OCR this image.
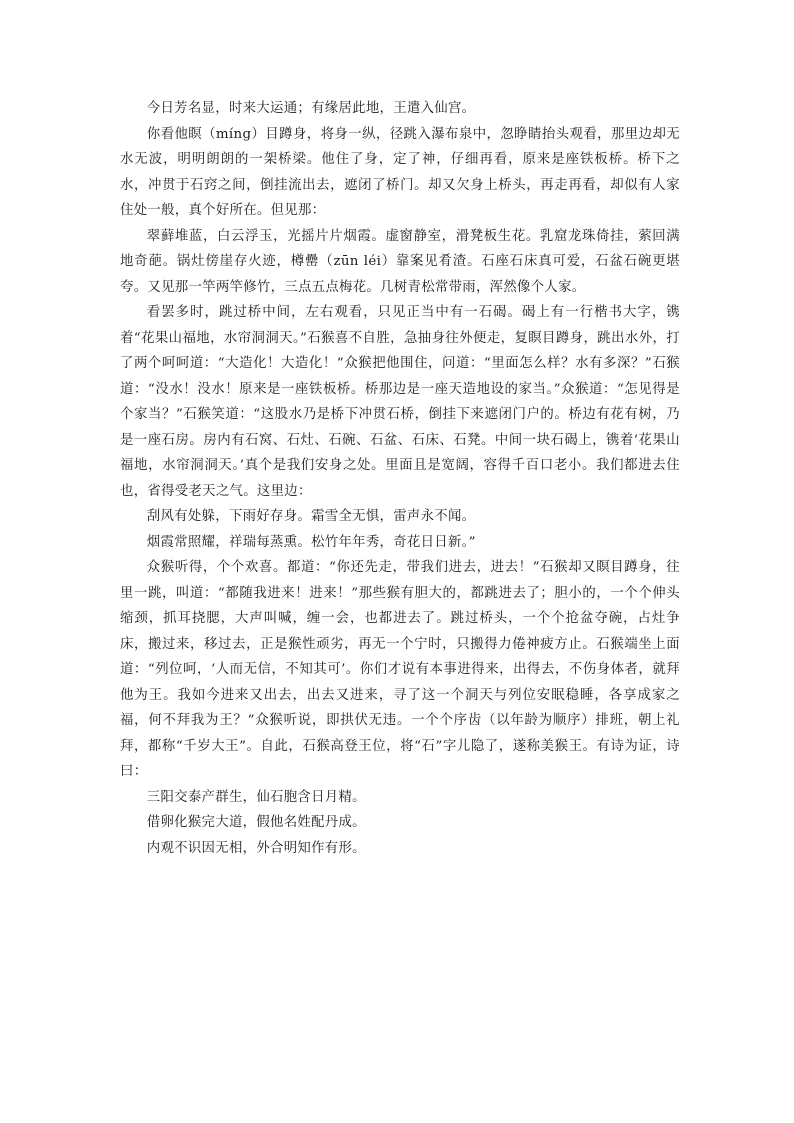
今日芳名显，时来大运通；有缘居此地，王遣入仙宫。

你看他瞑（míng）目蹲身，将身一纵，径跳入瀑布泉中，忽睁睛抬头观看，那里边却无水无波，明明朗朗的一架桥梁。他住了身，定了神，仔细再看，原来是座铁板桥。桥下之水，冲贯于石窍之间，倒挂流出去，遮闭了桥门。却又欠身上桥头，再走再看，却似有人家住处一般，真个好所在。但见那：

翠藓堆蓝，白云浮玉，光摇片片烟霞。虚窗静室，滑凳板生花。乳窟龙珠倚挂，萦回满地奇葩。锅灶傍崖存火迹，樽罍（zūn léi）靠案见肴渣。石座石床真可爱，石盆石碗更堪夸。又见那一竿两竿修竹，三点五点梅花。几树青松常带雨，浑然像个人家。

看罢多时，跳过桥中间，左右观看，只见正当中有一石碣。碣上有一行楷书大字，镌着“花果山福地，水帘洞洞天。”石猴喜不自胜，急抽身往外便走，复瞑目蹲身，跳出水外，打了两个呵呵道：“大造化！大造化！”众猴把他围住，问道：“里面怎么样？水有多深？”石猴道：“没水！没水！原来是一座铁板桥。桥那边是一座天造地设的家当。”众猴道：“怎见得是个家当？”石猴笑道：“这股水乃是桥下冲贯石桥，倒挂下来遮闭门户的。桥边有花有树，乃是一座石房。房内有石窝、石灶、石碗、石盆、石床、石凳。中间一块石碣上，镌着‘花果山福地，水帘洞洞天。’真个是我们安身之处。里面且是宽阔，容得千百口老小。我们都进去住也，省得受老天之气。这里边：

刮风有处躲，下雨好存身。霜雪全无惧，雷声永不闻。

烟霞常照耀，祥瑞每蒸熏。松竹年年秀，奇花日日新。”

众猴听得，个个欢喜。都道：“你还先走，带我们进去，进去！”石猴却又瞑目蹲身，往里一跳，叫道：“都随我进来！进来！”那些猴有胆大的，都跳进去了；胆小的，一个个伸头缩颈，抓耳挠腮，大声叫喊，缠一会，也都进去了。跳过桥头，一个个抢盆夺碗，占灶争床，搬过来，移过去，正是猴性顽劣，再无一个宁时，只搬得力倦神疲方止。石猴端坐上面道：“列位呵，‘人而无信，不知其可’。你们才说有本事进得来，出得去，不伤身体者，就拜他为王。我如今进来又出去，出去又进来，寻了这一个洞天与列位安眠稳睡，各享成家之福，何不拜我为王？”众猴听说，即拱伏无违。一个个序齿（以年龄为顺序）排班，朝上礼拜，都称“千岁大王”。自此，石猴高登王位，将“石”字儿隐了，遂称美猴王。有诗为证，诗曰：

三阳交泰产群生，仙石胞含日月精。

借卵化猴完大道，假他名姓配丹成。

内观不识因无相，外合明知作有形。
